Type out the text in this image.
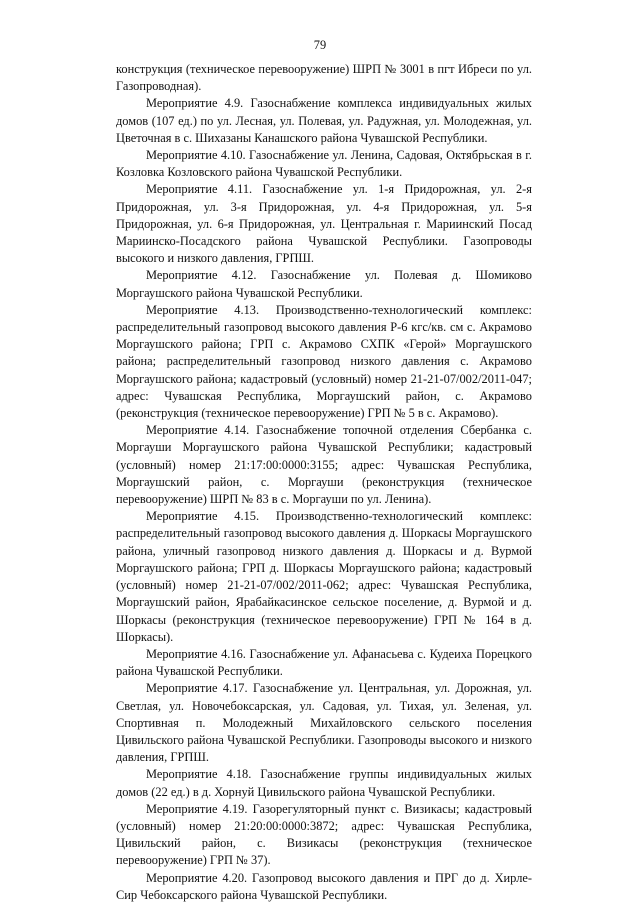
79

конструкция (техническое перевооружение) ШРП № 3001 в пгт Ибреси по ул. Газопроводная).

Мероприятие 4.9. Газоснабжение комплекса индивидуальных жилых домов (107 ед.) по ул. Лесная, ул. Полевая, ул. Радужная, ул. Молодежная, ул. Цветочная в с. Шихазаны Канашского района Чувашской Республики.

Мероприятие 4.10. Газоснабжение ул. Ленина, Садовая, Октябрьская в г. Козловка Козловского района Чувашской Республики.

Мероприятие 4.11. Газоснабжение ул. 1-я Придорожная, ул. 2-я Придорожная, ул. 3-я Придорожная, ул. 4-я Придорожная, ул. 5-я Придорожная, ул. 6-я Придорожная, ул. Центральная г. Мариинский Посад Мариинско-Посадского района Чувашской Республики. Газопроводы высокого и низкого давления, ГРПШ.

Мероприятие 4.12. Газоснабжение ул. Полевая д. Шомиково Моргаушского района Чувашской Республики.

Мероприятие 4.13. Производственно-технологический комплекс: распределительный газопровод высокого давления Р-6 кгс/кв. см с. Акрамово Моргаушского района; ГРП с. Акрамово СХПК «Герой» Моргаушского района; распределительный газопровод низкого давления с. Акрамово Моргаушского района; кадастровый (условный) номер 21-21-07/002/2011-047; адрес: Чувашская Республика, Моргаушский район, с. Акрамово (реконструкция (техническое перевооружение) ГРП № 5 в с. Акрамово).

Мероприятие 4.14. Газоснабжение топочной отделения Сбербанка с. Моргауши Моргаушского района Чувашской Республики; кадастровый (условный) номер 21:17:00:0000:3155; адрес: Чувашская Республика, Моргаушский район, с. Моргауши (реконструкция (техническое перевооружение) ШРП № 83 в с. Моргауши по ул. Ленина).

Мероприятие 4.15. Производственно-технологический комплекс: распределительный газопровод высокого давления д. Шоркасы Моргаушского района, уличный газопровод низкого давления д. Шоркасы и д. Вурмой Моргаушского района; ГРП д. Шоркасы Моргаушского района; кадастровый (условный) номер 21-21-07/002/2011-062; адрес: Чувашская Республика, Моргаушский район, Ярабайкасинское сельское поселение, д. Вурмой и д. Шоркасы (реконструкция (техническое перевооружение) ГРП № 164 в д. Шоркасы).

Мероприятие 4.16. Газоснабжение ул. Афанасьева с. Кудеиха Порецкого района Чувашской Республики.

Мероприятие 4.17. Газоснабжение ул. Центральная, ул. Дорожная, ул. Светлая, ул. Новочебоксарская, ул. Садовая, ул. Тихая, ул. Зеленая, ул. Спортивная п. Молодежный Михайловского сельского поселения Цивильского района Чувашской Республики. Газопроводы высокого и низкого давления, ГРПШ.

Мероприятие 4.18. Газоснабжение группы индивидуальных жилых домов (22 ед.) в д. Хорнуй Цивильского района Чувашской Республики.

Мероприятие 4.19. Газорегуляторный пункт с. Визикасы; кадастровый (условный) номер 21:20:00:0000:3872; адрес: Чувашская Республика, Цивильский район, с. Визикасы (реконструкция (техническое перевооружение) ГРП № 37).

Мероприятие 4.20. Газопровод высокого давления и ПРГ до д. Хирле-Сир Чебоксарского района Чувашской Республики.
